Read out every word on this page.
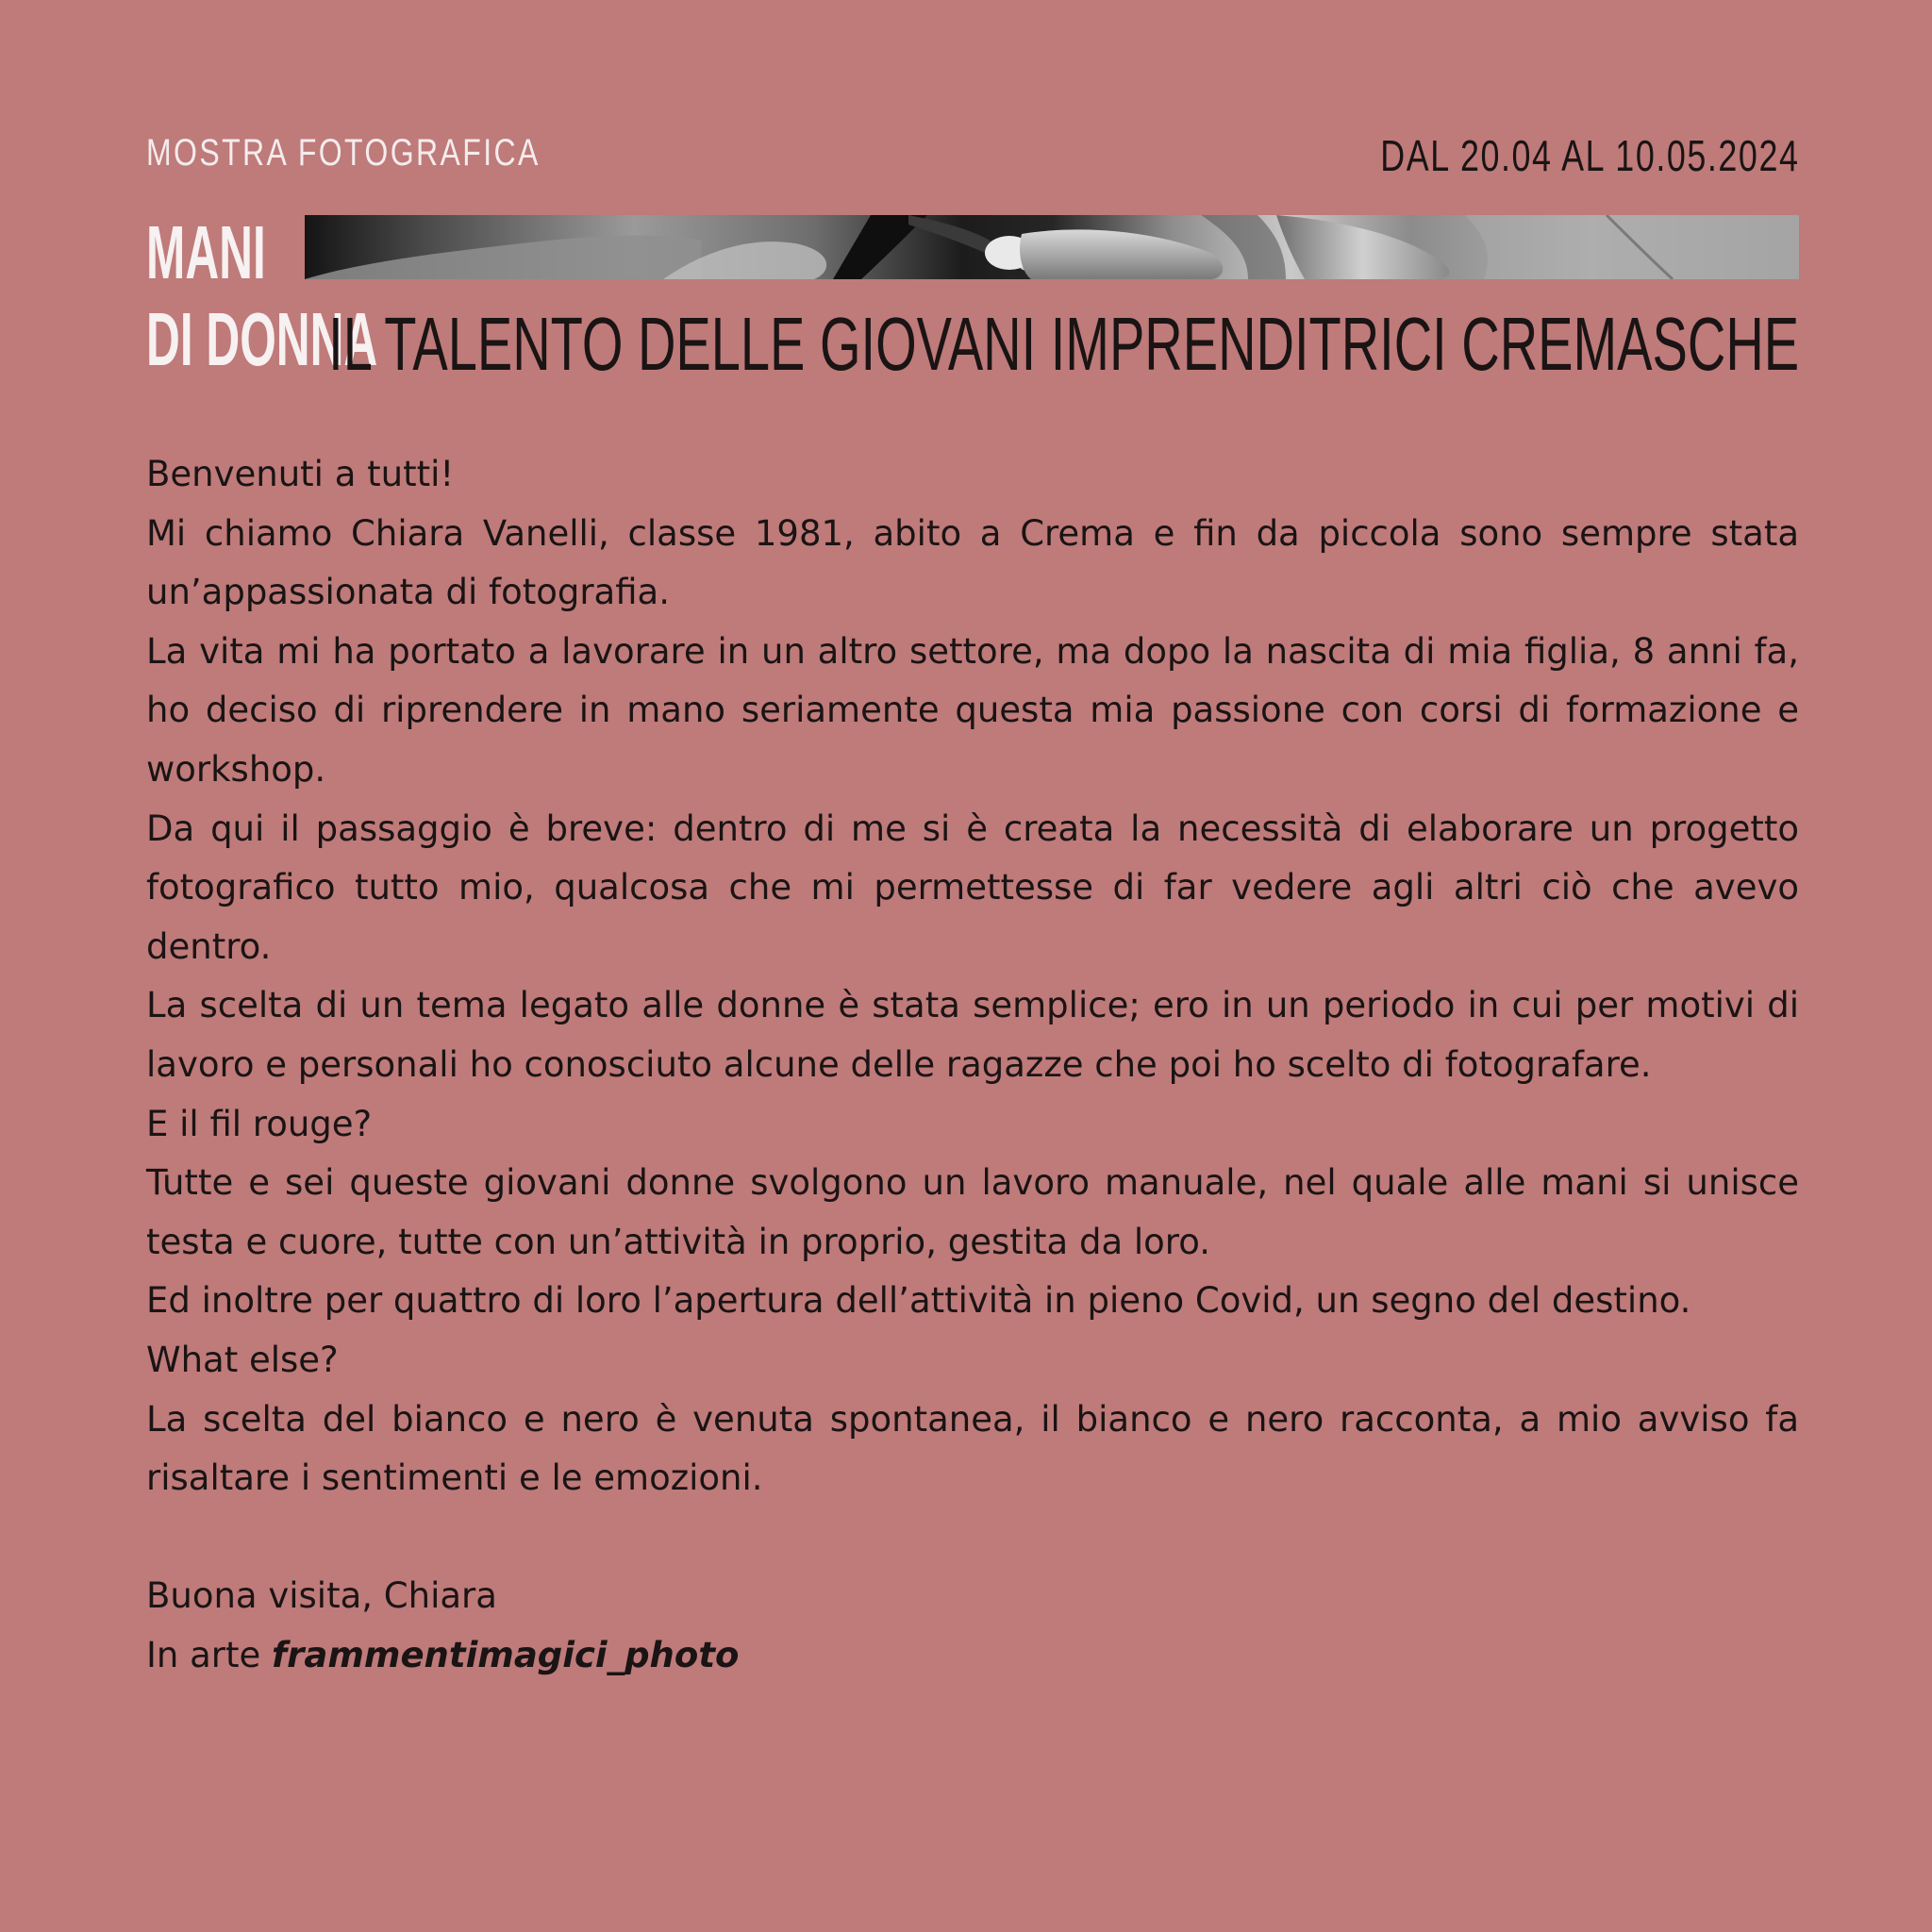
MOSTRA FOTOGRAFICA	DAL 20.04 AL 10.05.2024
MANI
DI DONNA
IL TALENTO DELLE GIOVANI IMPRENDITRICI CREMASCHE

Benvenuti a tutti!

Mi chiamo Chiara Vanelli, classe 1981, abito a Crema e fin da piccola sono sempre stata un’appassionata di fotografia.

La vita mi ha portato a lavorare in un altro settore, ma dopo la nascita di mia figlia, 8 anni fa, ho deciso di riprendere in mano seriamente questa mia passione con corsi di formazione e workshop.

Da qui il passaggio è breve: dentro di me si è creata la necessità di elaborare un progetto fotografico tutto mio, qualcosa che mi permettesse di far vedere agli altri ciò che avevo dentro.

La scelta di un tema legato alle donne è stata semplice; ero in un periodo in cui per motivi di lavoro e personali ho conosciuto alcune delle ragazze che poi ho scelto di fotografare.

E il fil rouge?

Tutte e sei queste giovani donne svolgono un lavoro manuale, nel quale alle mani si unisce testa e cuore, tutte con un’attività in proprio, gestita da loro.

Ed inoltre per quattro di loro l’apertura dell’attività in pieno Covid, un segno del destino.

What else?

La scelta del bianco e nero è venuta spontanea, il bianco e nero racconta, a mio avviso fa risaltare i sentimenti e le emozioni.

Buona visita, Chiara

In arte frammentimagici_photo
